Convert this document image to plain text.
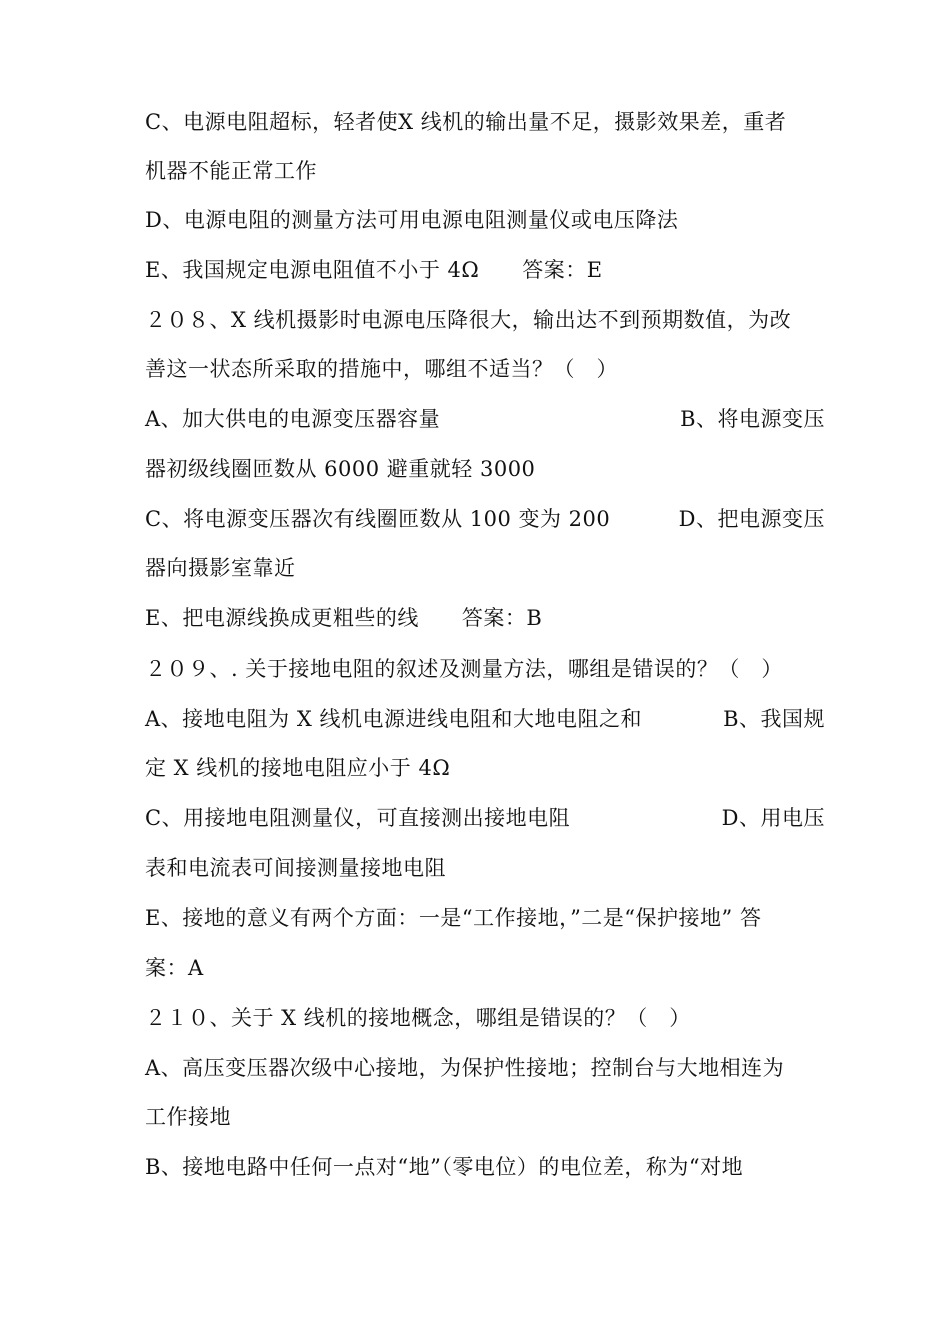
C、电源电阻超标，轻者使X 线机的输出量不足，摄影效果差，重者
机器不能正常工作
D、电源电阻的测量方法可用电源电阻测量仪或电压降法
E、我国规定电源电阻值不小于 4Ω　　答案：E
２０８、X 线机摄影时电源电压降很大，输出达不到预期数值，为改
善这一状态所采取的措施中，哪组不适当？（　）
A、加大供电的电源变压器容量	B、将电源变压
器初级线圈匝数从 6000 避重就轻 3000
C、将电源变压器次有线圈匝数从 100 变为 200	D、把电源变压
器向摄影室靠近
E、把电源线换成更粗些的线　　答案：B
２０９、. 关于接地电阻的叙述及测量方法，哪组是错误的？（　）
A、接地电阻为 X 线机电源进线电阻和大地电阻之和	B、我国规
定 X 线机的接地电阻应小于 4Ω
C、用接地电阻测量仪，可直接测出接地电阻	D、用电压
表和电流表可间接测量接地电阻
E、接地的意义有两个方面：一是“工作接地，”二是“保护接地” 答
案：A
２１０、关于 X 线机的接地概念，哪组是错误的？（　）
A、高压变压器次级中心接地，为保护性接地；控制台与大地相连为
工作接地
B、接地电路中任何一点对“地”（零电位）的电位差，称为“对地
